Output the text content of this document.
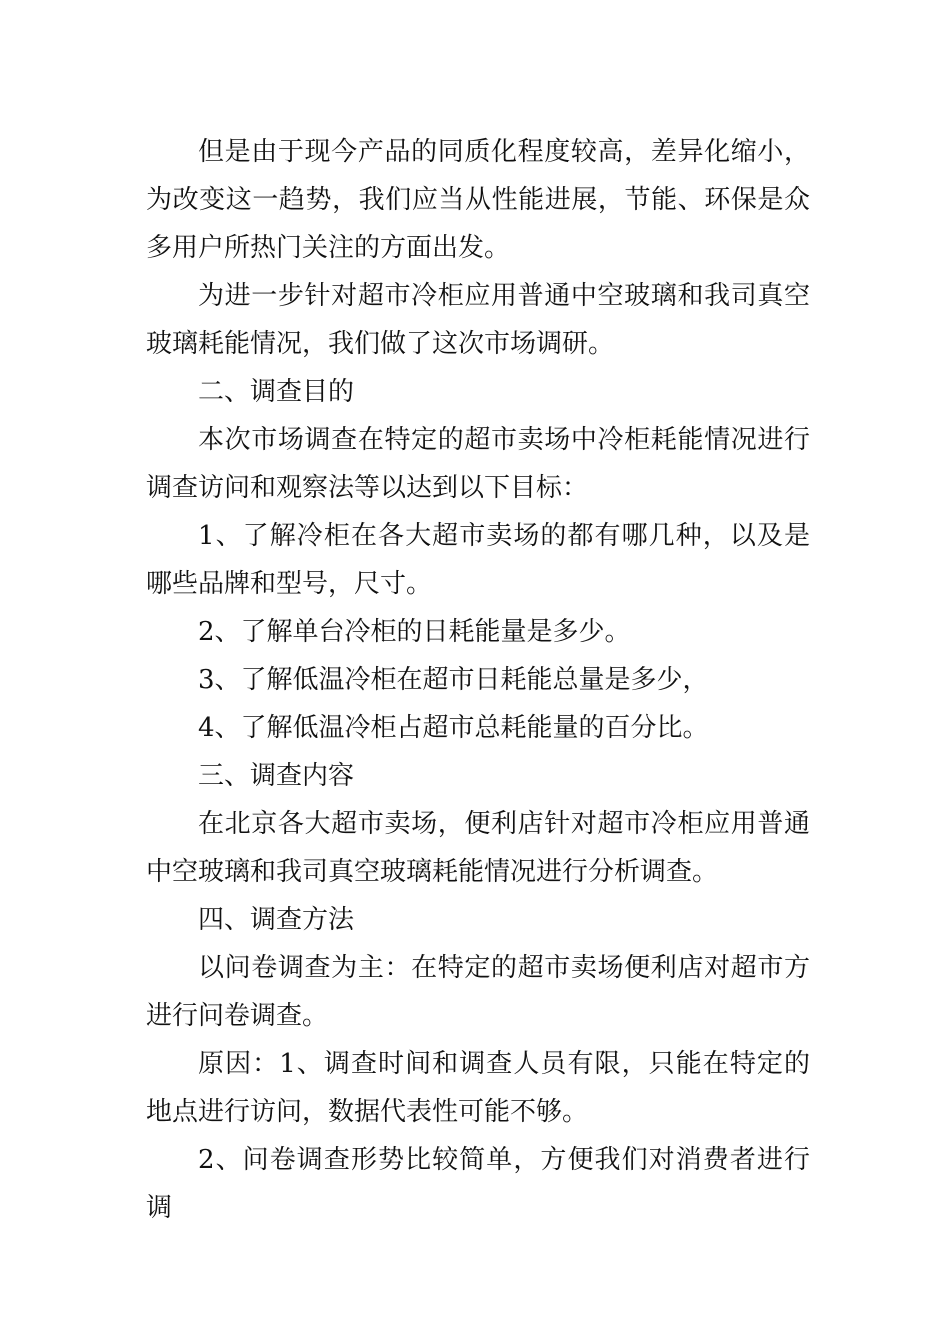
但是由于现今产品的同质化程度较高，差异化缩小，为改变这一趋势，我们应当从性能进展，节能、环保是众多用户所热门关注的方面出发。

为进一步针对超市冷柜应用普通中空玻璃和我司真空玻璃耗能情况，我们做了这次市场调研。

二、调查目的

本次市场调查在特定的超市卖场中冷柜耗能情况进行调查访问和观察法等以达到以下目标：

1、了解冷柜在各大超市卖场的都有哪几种，以及是哪些品牌和型号，尺寸。

2、了解单台冷柜的日耗能量是多少。

3、了解低温冷柜在超市日耗能总量是多少，

4、了解低温冷柜占超市总耗能量的百分比。

三、调查内容

在北京各大超市卖场，便利店针对超市冷柜应用普通中空玻璃和我司真空玻璃耗能情况进行分析调查。

四、调查方法

以问卷调查为主：在特定的超市卖场便利店对超市方进行问卷调查。

原因：1、调查时间和调查人员有限，只能在特定的地点进行访问，数据代表性可能不够。

2、问卷调查形势比较简单，方便我们对消费者进行调
